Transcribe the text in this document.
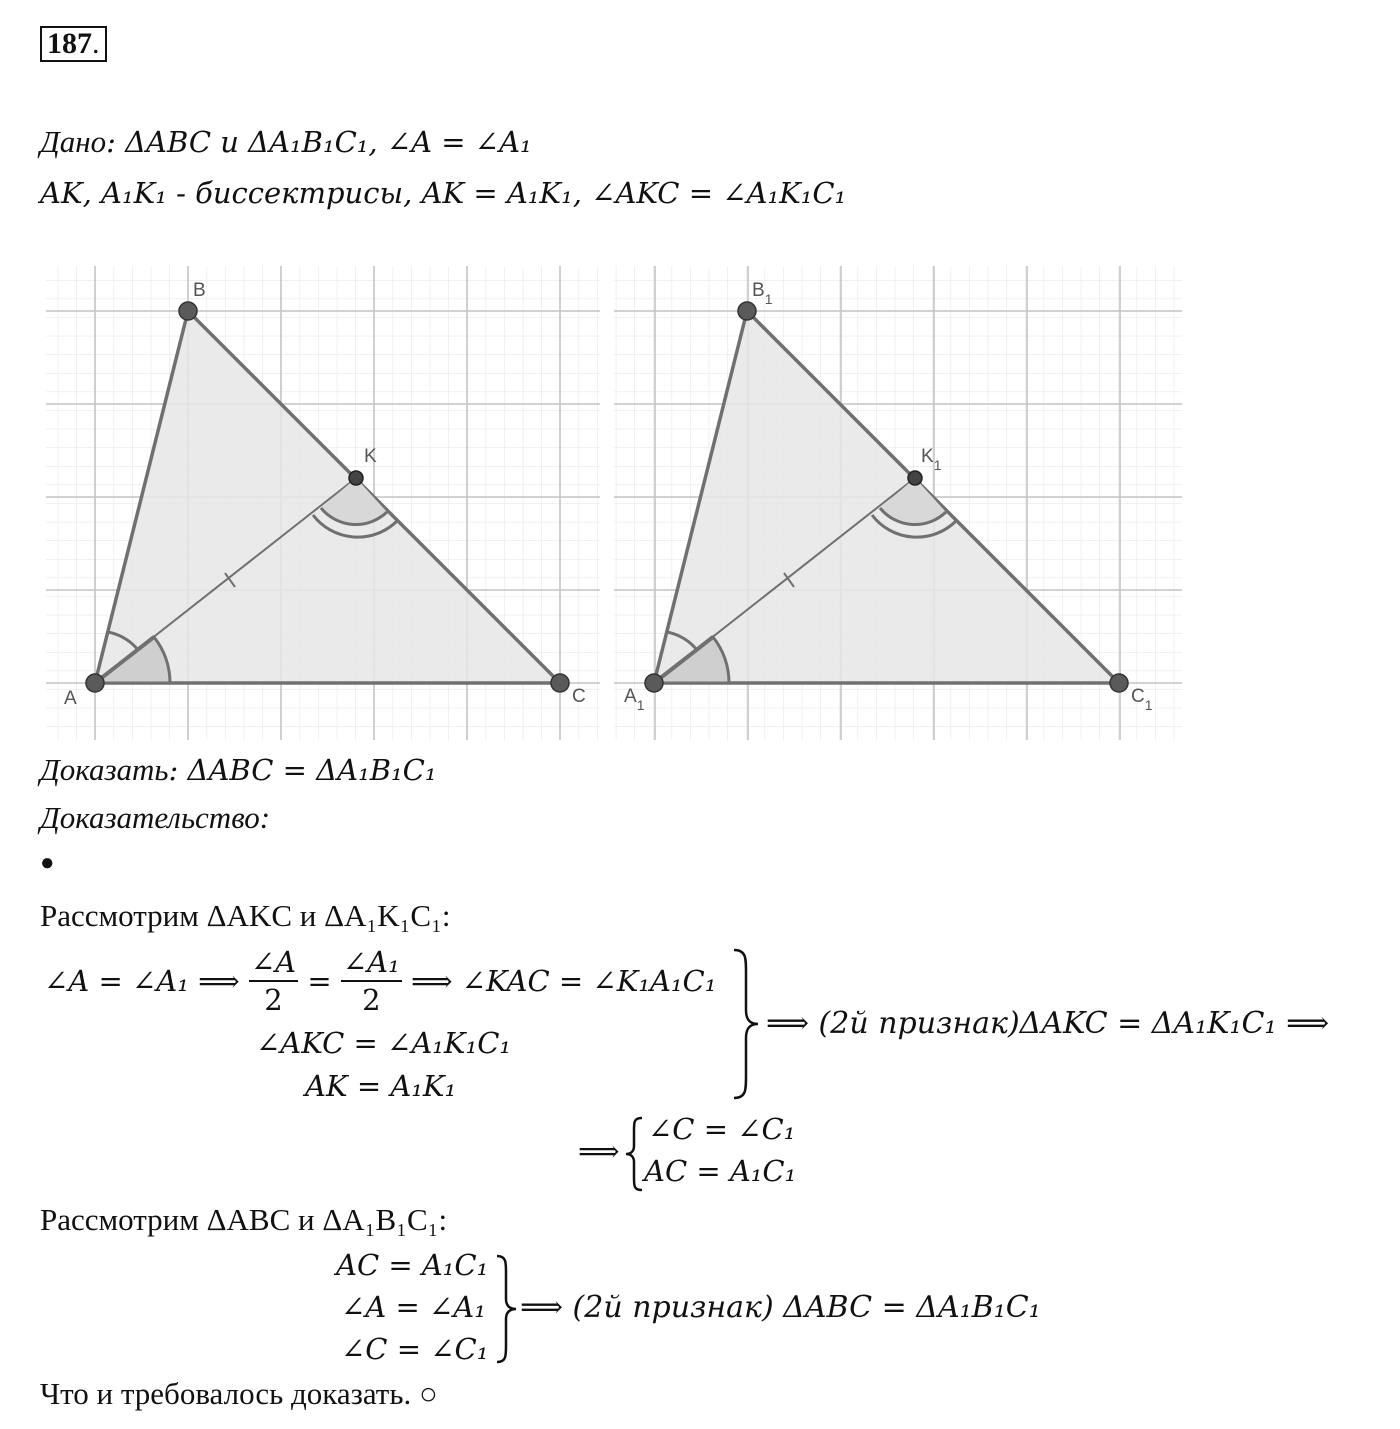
187.
Дано: ΔABC и ΔA₁B₁C₁, ∠A = ∠A₁
AK, A₁K₁ - биссектрисы, AK = A₁K₁, ∠AKC = ∠A₁K₁C₁
A
B
C
K
$A_1$
$B_1$
$C_1$
$K_1$
Доказать: ΔABC = ΔA₁B₁C₁
Доказательство:
●
Рассмотрим ΔAKC и ΔA₁K₁C₁:
∠A = ∠A₁ ⟹ $\frac{\angle A}{2} = \frac{\text{∠A₁}}{2}$ ⟹ ∠KAC = ∠K₁A₁C₁
∠AKC = ∠A₁K₁C₁
AK = A₁K₁
⟹ (2й признак)ΔAKC = ΔA₁K₁C₁ ⟹
⟹
∠C = ∠C₁
AC = A₁C₁
Рассмотрим ΔABC и ΔA₁B₁C₁:
AC = A₁C₁
∠A = ∠A₁
∠C = ∠C₁
⟹ (2й признак) ΔABC = ΔA₁B₁C₁
Что и требовалось доказать. ○
